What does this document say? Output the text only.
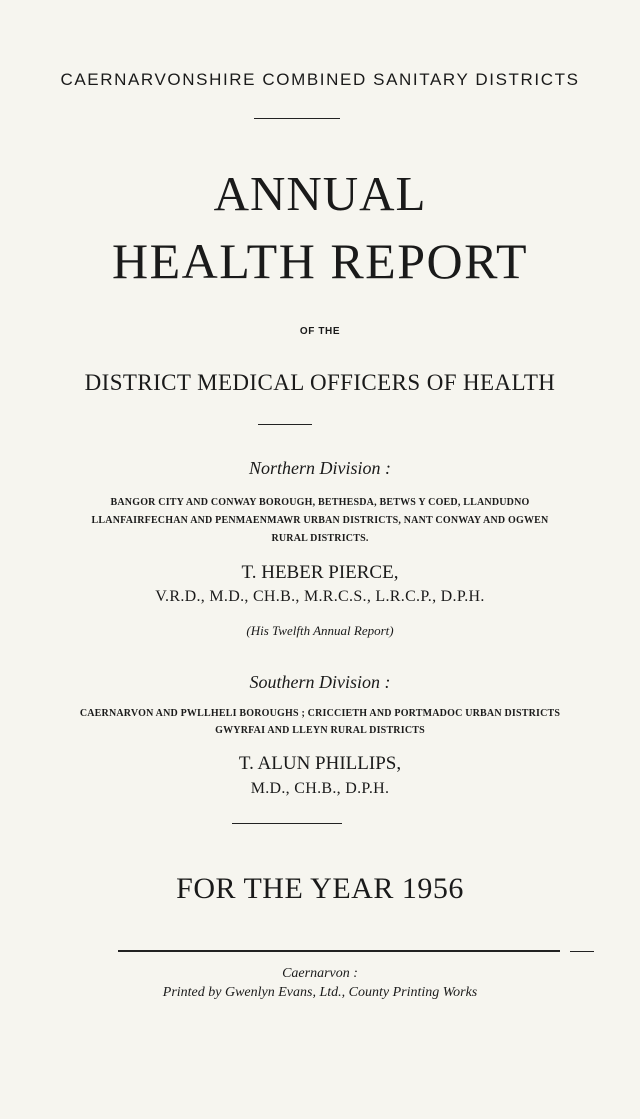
CAERNARVONSHIRE COMBINED SANITARY DISTRICTS
ANNUAL
HEALTH REPORT
OF THE
DISTRICT MEDICAL OFFICERS OF HEALTH
Northern Division :
BANGOR CITY AND CONWAY BOROUGH, BETHESDA, BETWS Y COED, LLANDUDNO
LLANFAIRFECHAN AND PENMAENMAWR URBAN DISTRICTS, NANT CONWAY AND OGWEN
RURAL DISTRICTS.
T. HEBER PIERCE,
V.R.D., M.D., CH.B., M.R.C.S., L.R.C.P., D.P.H.
(His Twelfth Annual Report)
Southern Division :
CAERNARVON AND PWLLHELI BOROUGHS ; CRICCIETH AND PORTMADOC URBAN DISTRICTS
GWYRFAI AND LLEYN RURAL DISTRICTS
T. ALUN PHILLIPS,
M.D., CH.B., D.P.H.
FOR THE YEAR 1956
Caernarvon :
Printed by Gwenlyn Evans, Ltd., County Printing Works
